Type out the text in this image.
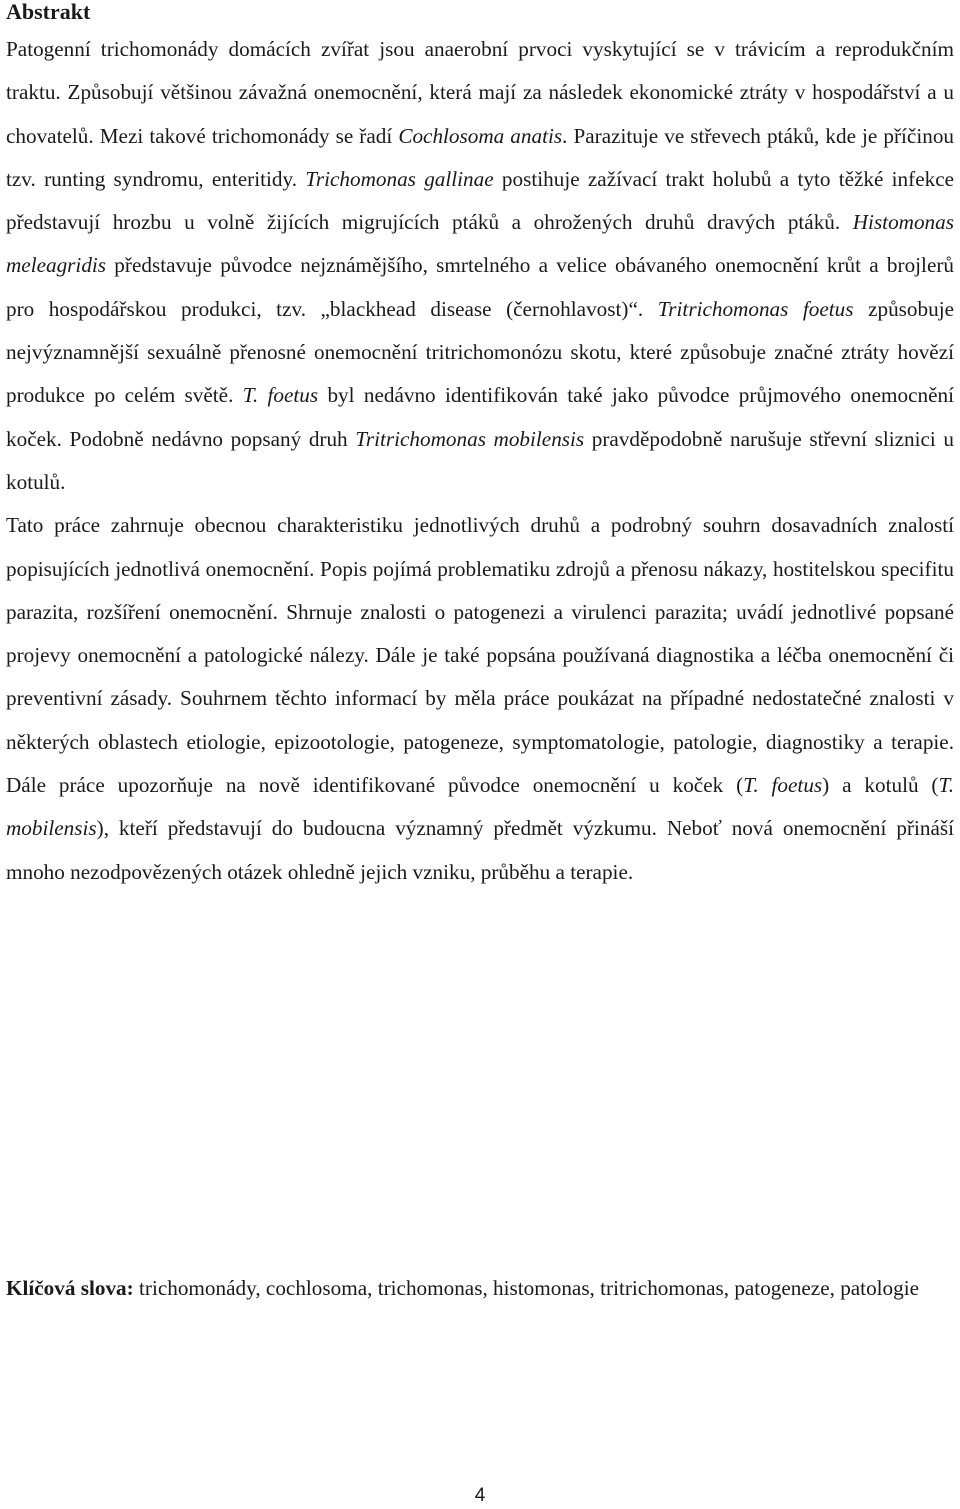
Abstrakt

Patogenní trichomonády domácích zvířat jsou anaerobní prvoci vyskytující se v trávicím a reprodukčním traktu. Způsobují většinou závažná onemocnění, která mají za následek ekonomické ztráty v hospodářství a u chovatelů. Mezi takové trichomonády se řadí Cochlosoma anatis. Parazituje ve střevech ptáků, kde je příčinou tzv. runting syndromu, enteritidy. Trichomonas gallinae postihuje zažívací trakt holubů a tyto těžké infekce představují hrozbu u volně žijících migrujících ptáků a ohrožených druhů dravých ptáků. Histomonas meleagridis představuje původce nejznámějšího, smrtelného a velice obávaného onemocnění krůt a brojlerů pro hospodářskou produkci, tzv. „blackhead disease (černohlavost)“. Tritrichomonas foetus způsobuje nejvýznamnější sexuálně přenosné onemocnění tritrichomonózu skotu, které způsobuje značné ztráty hovězí produkce po celém světě. T. foetus byl nedávno identifikován také jako původce průjmového onemocnění koček. Podobně nedávno popsaný druh Tritrichomonas mobilensis pravděpodobně narušuje střevní sliznici u kotulů.

Tato práce zahrnuje obecnou charakteristiku jednotlivých druhů a podrobný souhrn dosavadních znalostí popisujících jednotlivá onemocnění. Popis pojímá problematiku zdrojů a přenosu nákazy, hostitelskou specifitu parazita, rozšíření onemocnění. Shrnuje znalosti o patogenezi a virulenci parazita; uvádí jednotlivé popsané projevy onemocnění a patologické nálezy. Dále je také popsána používaná diagnostika a léčba onemocnění či preventivní zásady. Souhrnem těchto informací by měla práce poukázat na případné nedostatečné znalosti v některých oblastech etiologie, epizootologie, patogeneze, symptomatologie, patologie, diagnostiky a terapie. Dále práce upozorňuje na nově identifikované původce onemocnění u koček (T. foetus) a kotulů (T. mobilensis), kteří představují do budoucna významný předmět výzkumu. Neboť nová onemocnění přináší mnoho nezodpovězených otázek ohledně jejich vzniku, průběhu a terapie.

Klíčová slova: trichomonády, cochlosoma, trichomonas, histomonas, tritrichomonas, patogeneze, patologie

4
